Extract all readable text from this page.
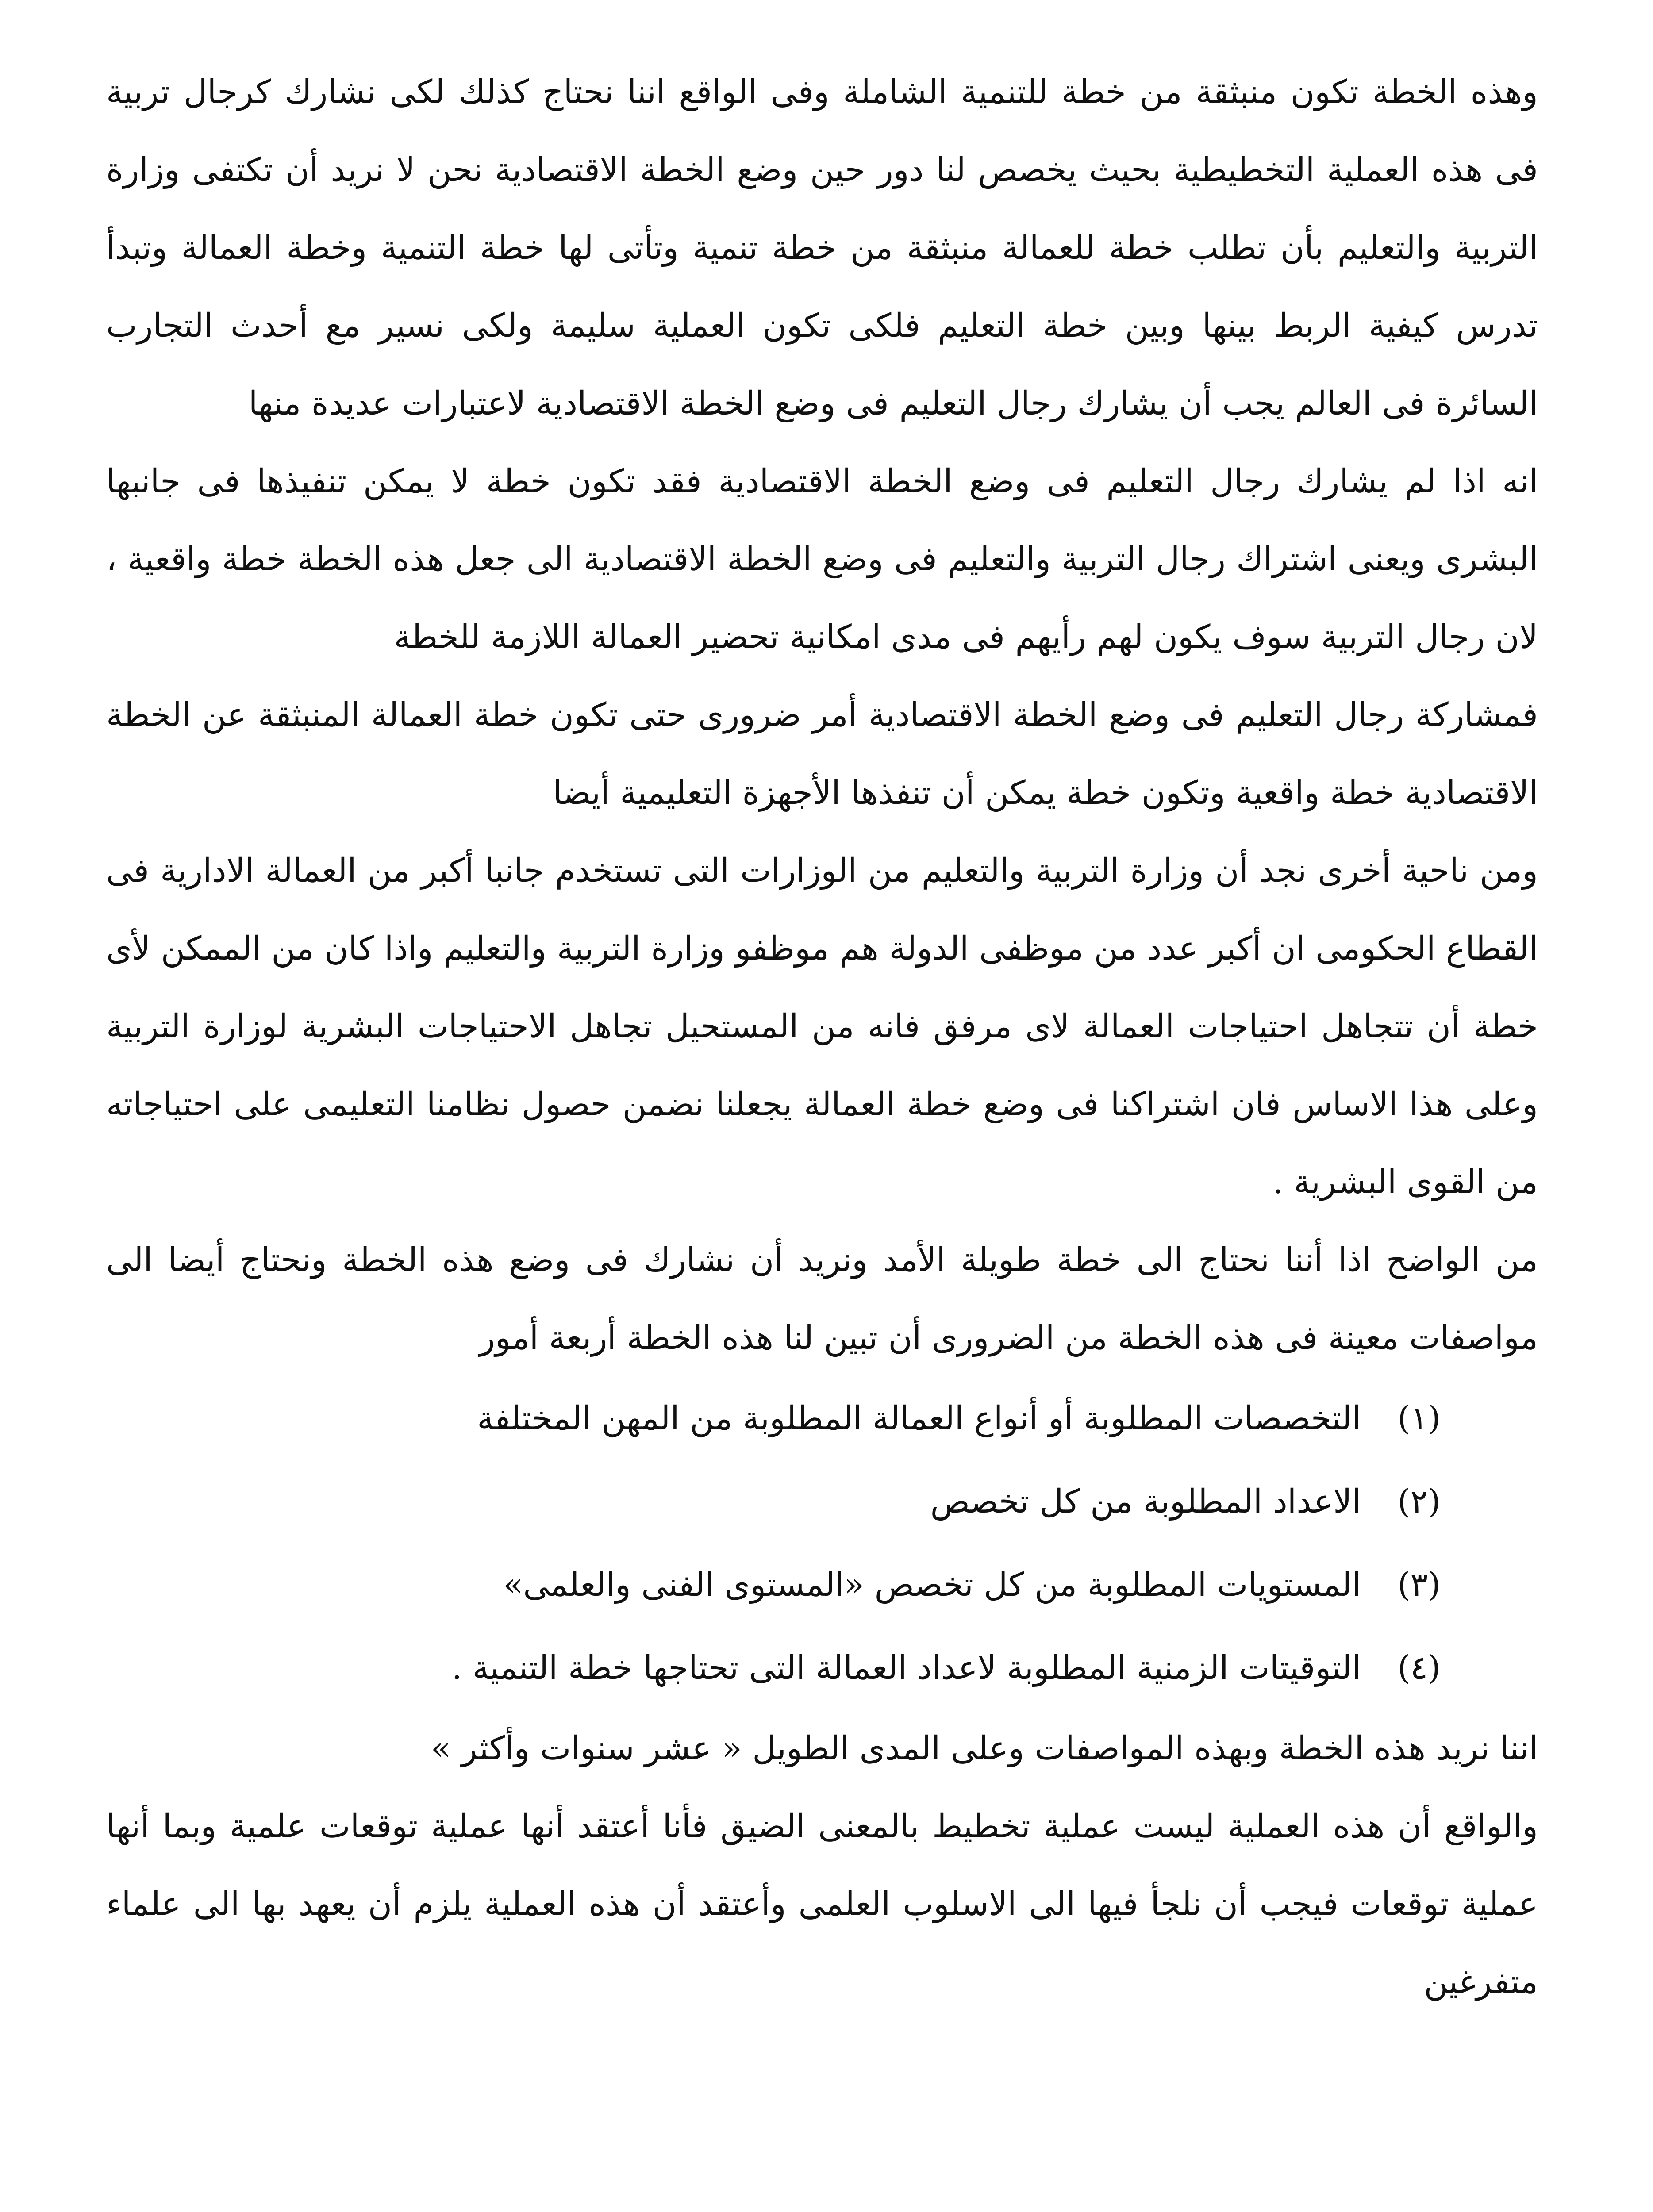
وهذه الخطة تكون منبثقة من خطة للتنمية الشاملة وفى الواقع اننا نحتاج كذلك لكى نشارك كرجال تربية فى هذه العملية التخطيطية بحيث يخصص لنا دور حين وضع الخطة الاقتصادية نحن لا نريد أن تكتفى وزارة التربية والتعليم بأن تطلب خطة للعمالة منبثقة من خطة تنمية وتأتى لها خطة التنمية وخطة العمالة وتبدأ تدرس كيفية الربط بينها وبين خطة التعليم فلكى تكون العملية سليمة ولكى نسير مع أحدث التجارب السائرة فى العالم يجب أن يشارك رجال التعليم فى وضع الخطة الاقتصادية لاعتبارات عديدة منها

انه اذا لم يشارك رجال التعليم فى وضع الخطة الاقتصادية فقد تكون خطة لا يمكن تنفيذها فى جانبها البشرى ويعنى اشتراك رجال التربية والتعليم فى وضع الخطة الاقتصادية الى جعل هذه الخطة خطة واقعية ، لان رجال التربية سوف يكون لهم رأيهم فى مدى امكانية تحضير العمالة اللازمة للخطة

فمشاركة رجال التعليم فى وضع الخطة الاقتصادية أمر ضرورى حتى تكون خطة العمالة المنبثقة عن الخطة الاقتصادية خطة واقعية وتكون خطة يمكن أن تنفذها الأجهزة التعليمية أيضا

ومن ناحية أخرى نجد أن وزارة التربية والتعليم من الوزارات التى تستخدم جانبا أكبر من العمالة الادارية فى القطاع الحكومى ان أكبر عدد من موظفى الدولة هم موظفو وزارة التربية والتعليم واذا كان من الممكن لأى خطة أن تتجاهل احتياجات العمالة لاى مرفق فانه من المستحيل تجاهل الاحتياجات البشرية لوزارة التربية وعلى هذا الاساس فان اشتراكنا فى وضع خطة العمالة يجعلنا نضمن حصول نظامنا التعليمى على احتياجاته من القوى البشرية .

من الواضح اذا أننا نحتاج الى خطة طويلة الأمد ونريد أن نشارك فى وضع هذه الخطة ونحتاج أيضا الى مواصفات معينة فى هذه الخطة من الضرورى أن تبين لنا هذه الخطة أربعة أمور

(١)التخصصات المطلوبة أو أنواع العمالة المطلوبة من المهن المختلفة
(٢)الاعداد المطلوبة من كل تخصص
(٣)المستويات المطلوبة من كل تخصص «المستوى الفنى والعلمى»
(٤)التوقيتات الزمنية المطلوبة لاعداد العمالة التى تحتاجها خطة التنمية .

اننا نريد هذه الخطة وبهذه المواصفات وعلى المدى الطويل « عشر سنوات وأكثر »

والواقع أن هذه العملية ليست عملية تخطيط بالمعنى الضيق فأنا أعتقد أنها عملية توقعات علمية وبما أنها عملية توقعات فيجب أن نلجأ فيها الى الاسلوب العلمى وأعتقد أن هذه العملية يلزم أن يعهد بها الى علماء متفرغين
